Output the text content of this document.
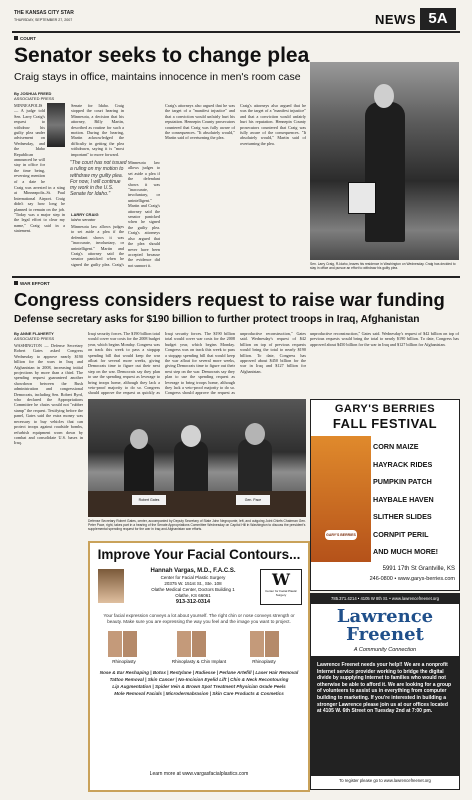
THE KANSAS CITY STAR
THURSDAY, SEPTEMBER 27, 2007	NEWS 5A
COURT
Senator seeks to change plea
Craig stays in office, maintains innocence in men's room case
By JOSHUA FREED
ASSOCIATED PRESS
MINNEAPOLIS — A judge told Sen. Larry Craig's request to withdraw his guilty plea under advisement on Wednesday, and the Idaho Republican announced he will stay in office for the time being, reversing mention of a date he
Craig was arrested in a sting at Minneapolis–St. Paul International Airport. Craig didn't say how long he planned to remain on the job. "Today was a major step in the legal effort to clear my name," Craig said in a statement.
Senate for Idaho. Craig stopped the court hearing in Minnesota, a decision that his attorney, Billy Martin, described as routine for such a motion. During the hearing, Martin acknowledged the difficulty in getting the plea withdrawn, saying it is "most important" to move forward.
"The court has not issued a ruling on my motion to withdraw my guilty plea. For now, I will continue my work in the U.S. Senate for Idaho."
LARRY CRAIG
Idaho senator
Minnesota law allows judges to set aside a plea if the defendant shows it was "inaccurate, involuntary, or unintelligent." Martin and Craig's attorney said the senator panicked when he signed the guilty plea. Craig's attorneys also argued that the plea should never have been accepted because the evidence did not support it.
Minnesota law allows judges to set aside a plea if the defendant shows it was "inaccurate, involuntary, or unintelligent." Martin and Craig's attorney said the senator panicked when he signed the guilty plea. Craig's
Craig's attorneys also argued that he was the target of a "manifest injustice" and that a conviction would unfairly hurt his reputation. Hennepin County prosecutors countered that Craig was fully aware of the consequences. "It absolutely would," Martin said of overturning the plea.
Craig's attorneys also argued that he was the target of a "manifest injustice" and that a conviction would unfairly hurt his reputation. Hennepin County prosecutors countered that Craig was fully aware of the consequences. "It absolutely would," Martin said of overturning the plea.
Sen. Larry Craig, R-Idaho, leaves his residence in Washington on Wednesday. Craig has decided to stay in office and pursue an effort to withdraw his guilty plea.
WAR EFFORT
Congress considers request to raise war funding
Defense secretary asks for $190 billion to further protect troops in Iraq, Afghanistan
By ANNE FLAHERTY
ASSOCIATED PRESS
WASHINGTON — Defense Secretary Robert Gates asked Congress Wednesday to approve nearly $190 billion for the wars in Iraq and Afghanistan in 2008, increasing initial projections by more than a third. The spending request guaranteed another showdown between the Bush administration and congressional Democrats, including Sen. Robert Byrd, who declared the Appropriations Committee he chairs would not "rubber stamp" the request. Testifying before the panel, Gates said the extra money was necessary to buy vehicles that can protect troops against roadside bombs, refurbish equipment worn down by combat and consolidate U.S. bases in Iraq.
Iraqi security forces. The $190 billion total would cover war costs for the 2008 budget year, which begins Monday. Congress was on track this week to pass a stopgap spending bill that would keep the war afloat for several more weeks, giving Democrats time to figure out their next step on the war. Democrats say they plan to use the spending request as leverage to bring troops home, although they lack a veto-proof majority to do so. Congress should approve the request as quickly as
Iraqi security forces. The $190 billion total would cover war costs for the 2008 budget year, which begins Monday. Congress was on track this week to pass a stopgap spending bill that would keep the war afloat for several more weeks, giving Democrats time to figure out their next step on the war. Democrats say they plan to use the spending request as leverage to bring troops home, although they lack a veto-proof majority to do so. Congress should approve the request as
unproductive reconstruction," Gates said. Wednesday's request of $42 billion on top of previous requests would bring the total to nearly $190 billion. To date, Congress has approved about $450 billion for the war in Iraq and $127 billion for Afghanistan.
unproductive reconstruction," Gates said. Wednesday's request of $42 billion on top of previous requests would bring the total to nearly $190 billion. To date, Congress has approved about $450 billion for the war in Iraq and $127 billion for Afghanistan.
Robert Gates	Gen. Pace
Defense Secretary Robert Gates, center, accompanied by Deputy Secretary of State John Negroponte, left, and outgoing Joint Chiefs Chairman Gen. Peter Pace, right, takes part in a hearing of the Senate Appropriations Committee Wednesday on Capitol Hill in Washington to discuss the president's supplemental spending request for the war in Iraq and Afghanistan war efforts.
GARY'S BERRIES
FALL FESTIVAL
GARY'S BERRIES
CORN MAIZE
HAYRACK RIDES
PUMPKIN PATCH
HAYBALE HAVEN
SLITHER SLIDES
CORNPIT PERIL
AND MUCH MORE!
5991 17th St Grantville, KS
246-0800 • www.garys-berries.com
Improve Your Facial Contours...
Hannah Vargas, M.D., F.A.C.S.
Center for Facial Plastic Surgery
20375 W. 151st St., Ste. 108
Olathe Medical Center, Doctors Building 1
Olathe, KS 66061
913-312-0314
W
Center for Facial Plastic Surgery
Your facial expression conveys a lot about yourself. The right chin or nose conveys strength or beauty. Make sure you are expressing the way you feel and the image you want to project.
Rhinoplasty	Rhinoplasty & Chin Implant	Rhinoplasty
Nose & Ear Reshaping | Botox | Restylane | Radiesse | Perlane Artefill | Laser Hair Removal
Tattoo Removal | Skin Cancer | No-Incision Eyelid Lift | Chin & Neck Recontouring
Lip Augmentation | Spider Vein & Brown Spot Treatment Physician Grade Peels
Mole Removal Facials | Microdermabrasion | Skin Care Products & Cosmetics
Learn more at www.vargasfacialplastics.com
785.371.4214 • 4105 W 8th St. • www.lawrencefreenet.org
Lawrence
Freenet
A Community Connection
Lawrence Freenet needs your help!! We are a nonprofit Internet service provider working to bridge the digital divide by supplying Internet to families who would not otherwise be able to afford it. We are looking for a group of volunteers to assist us in everything from computer building to marketing. If you're interested in building a stronger Lawrence please join us at our offices located at 4105 W. 6th Street on Tuesday 2nd at 7:00 pm.
To register please go to www.lawrencefreenet.org
